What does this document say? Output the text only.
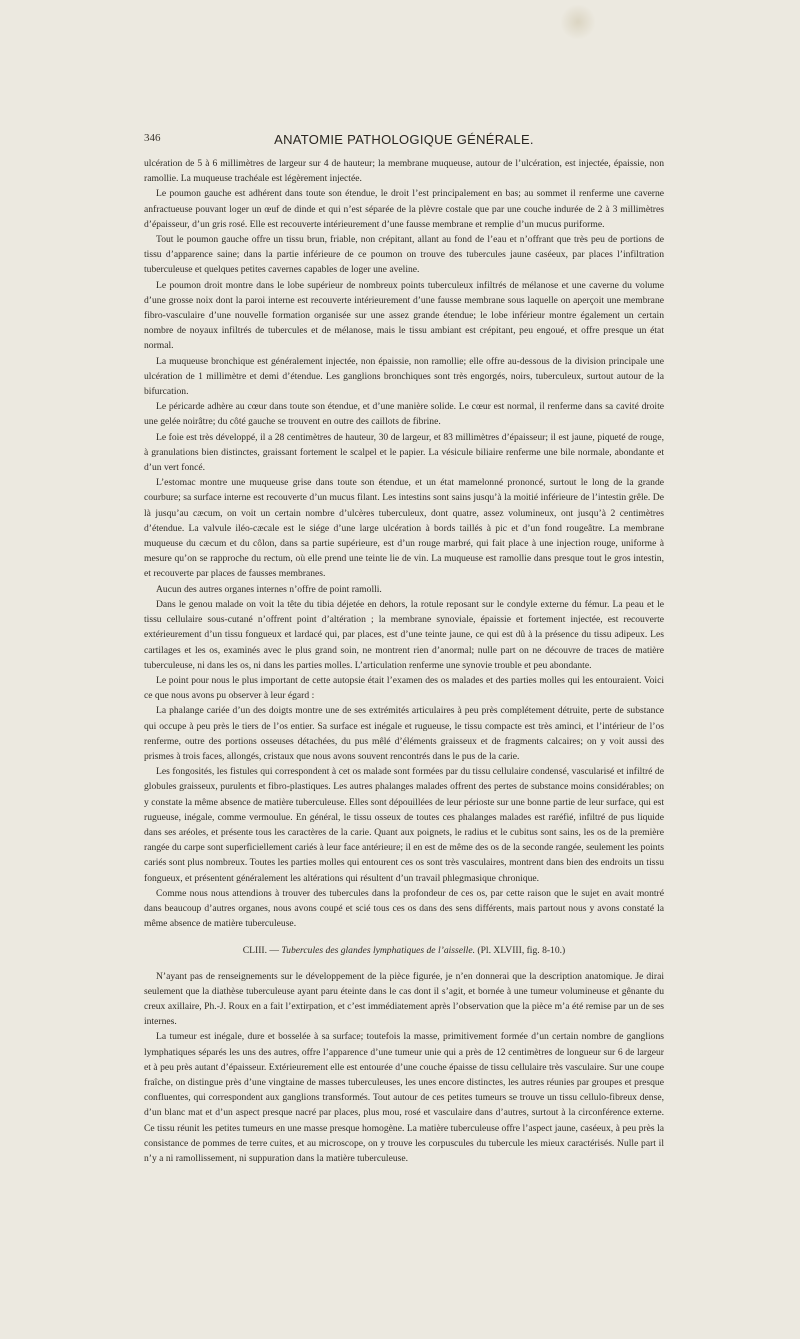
346	ANATOMIE PATHOLOGIQUE GÉNÉRALE.

ulcération de 5 à 6 millimètres de largeur sur 4 de hauteur; la membrane muqueuse, autour de l’ulcération, est injectée, épaissie, non ramollie. La muqueuse trachéale est légèrement injectée.

Le poumon gauche est adhérent dans toute son étendue, le droit l’est principalement en bas; au sommet il renferme une caverne anfractueuse pouvant loger un œuf de dinde et qui n’est séparée de la plèvre costale que par une couche indurée de 2 à 3 millimètres d’épaisseur, d’un gris rosé. Elle est recouverte intérieurement d’une fausse membrane et remplie d’un mucus puriforme.

Tout le poumon gauche offre un tissu brun, friable, non crépitant, allant au fond de l’eau et n’offrant que très peu de portions de tissu d’apparence saine; dans la partie inférieure de ce poumon on trouve des tubercules jaune caséeux, par places l’infiltration tuberculeuse et quelques petites cavernes capables de loger une aveline.

Le poumon droit montre dans le lobe supérieur de nombreux points tuberculeux infiltrés de mélanose et une caverne du volume d’une grosse noix dont la paroi interne est recouverte intérieurement d’une fausse membrane sous laquelle on aperçoit une membrane fibro-vasculaire d’une nouvelle formation organisée sur une assez grande étendue; le lobe inférieur montre également un certain nombre de noyaux infiltrés de tubercules et de mélanose, mais le tissu ambiant est crépitant, peu engoué, et offre presque un état normal.

La muqueuse bronchique est généralement injectée, non épaissie, non ramollie; elle offre au-dessous de la division principale une ulcération de 1 millimètre et demi d’étendue. Les ganglions bronchiques sont très engorgés, noirs, tuberculeux, surtout autour de la bifurcation.

Le péricarde adhère au cœur dans toute son étendue, et d’une manière solide. Le cœur est normal, il renferme dans sa cavité droite une gelée noirâtre; du côté gauche se trouvent en outre des caillots de fibrine.

Le foie est très développé, il a 28 centimètres de hauteur, 30 de largeur, et 83 millimètres d’épaisseur; il est jaune, piqueté de rouge, à granulations bien distinctes, graissant fortement le scalpel et le papier. La vésicule biliaire renferme une bile normale, abondante et d’un vert foncé.

L’estomac montre une muqueuse grise dans toute son étendue, et un état mamelonné prononcé, surtout le long de la grande courbure; sa surface interne est recouverte d’un mucus filant. Les intestins sont sains jusqu’à la moitié inférieure de l’intestin grêle. De là jusqu’au cæcum, on voit un certain nombre d’ulcères tuberculeux, dont quatre, assez volumineux, ont jusqu’à 2 centimètres d’étendue. La valvule iléo-cæcale est le siége d’une large ulcération à bords taillés à pic et d’un fond rougeâtre. La membrane muqueuse du cæcum et du côlon, dans sa partie supérieure, est d’un rouge marbré, qui fait place à une injection rouge, uniforme à mesure qu’on se rapproche du rectum, où elle prend une teinte lie de vin. La muqueuse est ramollie dans presque tout le gros intestin, et recouverte par places de fausses membranes.

Aucun des autres organes internes n’offre de point ramolli.

Dans le genou malade on voit la tête du tibia déjetée en dehors, la rotule reposant sur le condyle externe du fémur. La peau et le tissu cellulaire sous-cutané n’offrent point d’altération ; la membrane synoviale, épaissie et fortement injectée, est recouverte extérieurement d’un tissu fongueux et lardacé qui, par places, est d’une teinte jaune, ce qui est dû à la présence du tissu adipeux. Les cartilages et les os, examinés avec le plus grand soin, ne montrent rien d’anormal; nulle part on ne découvre de traces de matière tuberculeuse, ni dans les os, ni dans les parties molles. L’articulation renferme une synovie trouble et peu abondante.

Le point pour nous le plus important de cette autopsie était l’examen des os malades et des parties molles qui les entouraient. Voici ce que nous avons pu observer à leur égard :

La phalange cariée d’un des doigts montre une de ses extrémités articulaires à peu près complétement détruite, perte de substance qui occupe à peu près le tiers de l’os entier. Sa surface est inégale et rugueuse, le tissu compacte est très aminci, et l’intérieur de l’os renferme, outre des portions osseuses détachées, du pus mêlé d’éléments graisseux et de fragments calcaires; on y voit aussi des prismes à trois faces, allongés, cristaux que nous avons souvent rencontrés dans le pus de la carie.

Les fongosités, les fistules qui correspondent à cet os malade sont formées par du tissu cellulaire condensé, vascularisé et infiltré de globules graisseux, purulents et fibro-plastiques. Les autres phalanges malades offrent des pertes de substance moins considérables; on y constate la même absence de matière tuberculeuse. Elles sont dépouillées de leur périoste sur une bonne partie de leur surface, qui est rugueuse, inégale, comme vermoulue. En général, le tissu osseux de toutes ces phalanges malades est raréfié, infiltré de pus liquide dans ses aréoles, et présente tous les caractères de la carie. Quant aux poignets, le radius et le cubitus sont sains, les os de la première rangée du carpe sont superficiellement cariés à leur face antérieure; il en est de même des os de la seconde rangée, seulement les points cariés sont plus nombreux. Toutes les parties molles qui entourent ces os sont très vasculaires, montrent dans bien des endroits un tissu fongueux, et présentent généralement les altérations qui résultent d’un travail phlegmasique chronique.

Comme nous nous attendions à trouver des tubercules dans la profondeur de ces os, par cette raison que le sujet en avait montré dans beaucoup d’autres organes, nous avons coupé et scié tous ces os dans des sens différents, mais partout nous y avons constaté la même absence de matière tuberculeuse.

CLIII. — Tubercules des glandes lymphatiques de l’aisselle. (Pl. XLVIII, fig. 8-10.)

N’ayant pas de renseignements sur le développement de la pièce figurée, je n’en donnerai que la description anatomique. Je dirai seulement que la diathèse tuberculeuse ayant paru éteinte dans le cas dont il s’agit, et bornée à une tumeur volumineuse et gênante du creux axillaire, Ph.-J. Roux en a fait l’extirpation, et c’est immédiatement après l’observation que la pièce m’a été remise par un de ses internes.

La tumeur est inégale, dure et bosselée à sa surface; toutefois la masse, primitivement formée d’un certain nombre de ganglions lymphatiques séparés les uns des autres, offre l’apparence d’une tumeur unie qui a près de 12 centimètres de longueur sur 6 de largeur et à peu près autant d’épaisseur. Extérieurement elle est entourée d’une couche épaisse de tissu cellulaire très vasculaire. Sur une coupe fraîche, on distingue près d’une vingtaine de masses tuberculeuses, les unes encore distinctes, les autres réunies par groupes et presque confluentes, qui correspondent aux ganglions transformés. Tout autour de ces petites tumeurs se trouve un tissu cellulo-fibreux dense, d’un blanc mat et d’un aspect presque nacré par places, plus mou, rosé et vasculaire dans d’autres, surtout à la circonférence externe. Ce tissu réunit les petites tumeurs en une masse presque homogène. La matière tuberculeuse offre l’aspect jaune, caséeux, à peu près la consistance de pommes de terre cuites, et au microscope, on y trouve les corpuscules du tubercule les mieux caractérisés. Nulle part il n’y a ni ramollissement, ni suppuration dans la matière tuberculeuse.
